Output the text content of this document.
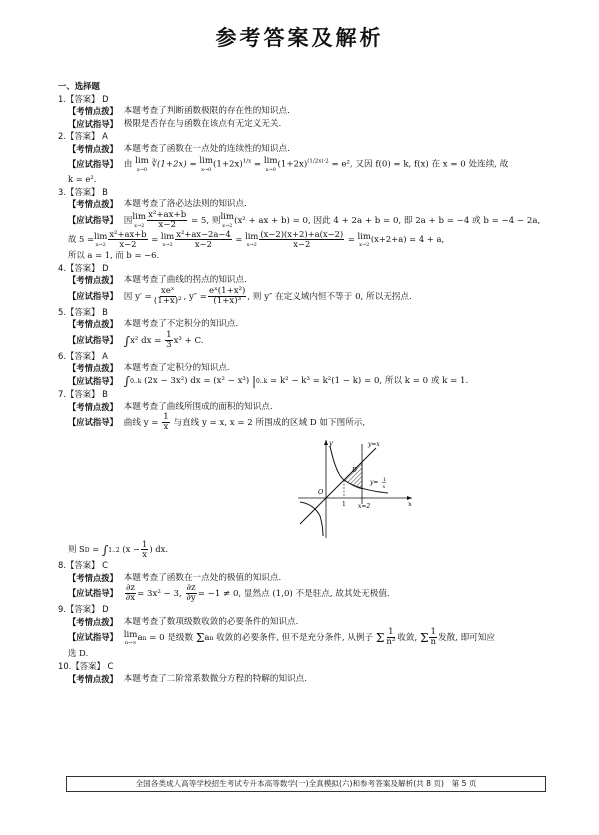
参考答案及解析
一、选择题
1.【答案】 D
【考情点拨】 本题考查了判断函数极限的存在性的知识点.
【应试指导】 极限是否存在与函数在该点有无定义无关.
2.【答案】 A
【考情点拨】 本题考查了函数在一点处的连续性的知识点.
【应试指导】 由 lim
x→0
∛(1+2x) = lim
x→0
$(1+2x)^{1/x} = \lim$
x→0
$(1+2x)^{(1/2x)\cdot 2} = e^2$, 又因 f(0) = k, f(x) 在 x = 0 处连续, 故
k = e².
3.【答案】 B
【考情点拨】 本题考查了洛必达法则的知识点.
【应试指导】 因 lim
$x\to 2 \frac{\text{x²+ax+b}}{x-2} = 5$, 则 lim
x→2
(x² + ax + b) = 0, 因此 4 + 2a + b = 0, 即 2a + b = −4 或 b = −4 − 2a,
故 5 = lim
$x\to 2 \frac{\text{x²+ax+b}}{x-2} = \lim$
$x\to 2 \frac{\text{x²+ax−2a−4}}{x-2} = \lim$
$x\to 2 \frac{(x-2)(x+2)+a(x-2)}{x-2} = \lim$
x→2
(x+2+a) = 4 + a,
所以 a = 1, 而 b = −6.
4.【答案】 D
【考情点拨】 本题考查了曲线的拐点的知识点.
【应试指导】 因 y′ =
xeˣ
(1+x)² , $y'' = \frac{\text{eˣ(1+x²)}}{\text{(1+x)³}}$ , 则 y″ 在定义域内恒不等于 0, 所以无拐点.
5.【答案】 B
【考情点拨】 本题考查了不定积分的知识点.
【应试指导】 ∫x² dx = $\frac{1}{3} x^3 + C$.
6.【答案】 A
【考情点拨】 本题考查了定积分的知识点.
【应试指导】 ∫0..k (2x − 3x²) dx = (x² − x³) |0..k = k² − k³ = k²(1 − k) = 0, 所以 k = 0 或 k = 1.
7.【答案】 B
【考情点拨】 本题考查了曲线所围成的面积的知识点.
【应试指导】 曲线 $y = \frac{1}{x}$ 与直线 y = x, x = 2 所围成的区域 D 如下图所示,
y=x
y= 1
x
x
y
O
1 x=2
D
则 SD = ∫1..2 ($x - \frac{1}{x}$ ) dx.
8.【答案】 C
【考情点拨】 本题考查了函数在一点处的极值的知识点.
【应试指导】 $\frac{\partial z}{\partial x} = 3x^2 - 3$, $\frac{\partial z}{\partial y} = -1 \ne 0$, 显然点 (1,0) 不是驻点, 故其处无极值.
9.【答案】 D
【考情点拨】 本题考查了数项级数收敛的必要条件的知识点.
【应试指导】 lim
n→∞
an = 0 是级数 Σan 收敛的必要条件, 但不是充分条件, 从例子 Σ $\frac{1}{\text{n²}}$ 收敛, Σ $\frac{1}{n}$ 发散, 即可知应
选 D.
10.【答案】 C
【考情点拨】 本题考查了二阶常系数微分方程的特解的知识点.
全国各类成人高等学校招生考试专升本高等数学(一)全真模拟(六)和参考答案及解析(共 8 页)　第 5 页
